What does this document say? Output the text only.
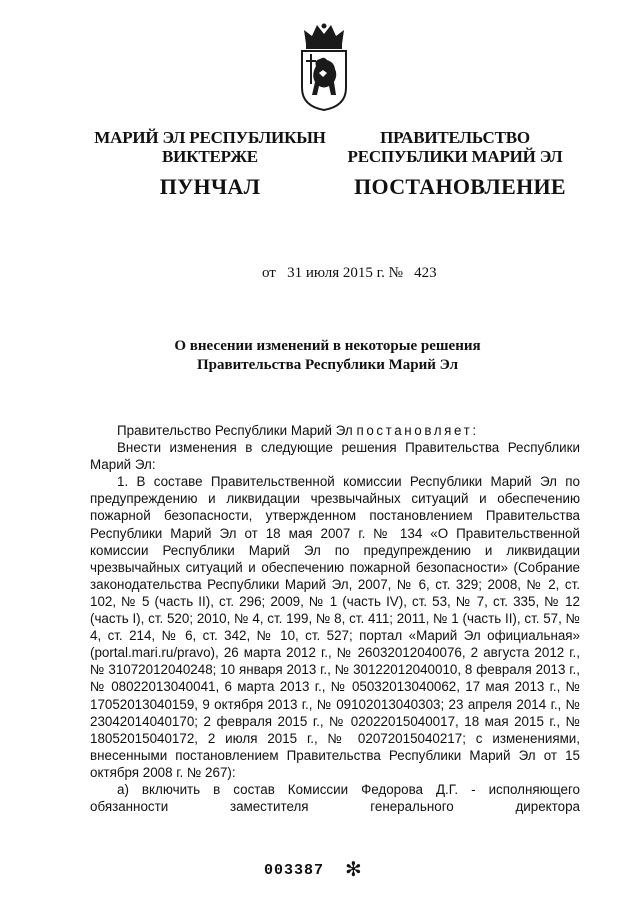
МАРИЙ ЭЛ РЕСПУБЛИКЫН
ВИКТЕРЖЕ
ПРАВИТЕЛЬСТВО
РЕСПУБЛИКИ МАРИЙ ЭЛ
ПУНЧАЛ	ПОСТАНОВЛЕНИЕ
от 31 июля 2015 г. № 423
О внесении изменений в некоторые решения
Правительства Республики Марий Эл

Правительство Республики Марий Эл постановляет:

Внести изменения в следующие решения Правительства Республики Марий Эл:

1. В составе Правительственной комиссии Республики Марий Эл по предупреждению и ликвидации чрезвычайных ситуаций и обеспечению пожарной безопасности, утвержденном постановлением Правительства Республики Марий Эл от 18 мая 2007 г. № 134 «О Правительственной комиссии Республики Марий Эл по предупреждению и ликвидации чрезвычайных ситуаций и обеспечению пожарной безопасности» (Собрание законодательства Республики Марий Эл, 2007, № 6, ст. 329; 2008, № 2, ст. 102, № 5 (часть II), ст. 296; 2009, № 1 (часть IV), ст. 53, № 7, ст. 335, № 12 (часть I), ст. 520; 2010, № 4, ст. 199, № 8, ст. 411; 2011, № 1 (часть II), ст. 57, № 4, ст. 214, № 6, ст. 342, № 10, ст. 527; портал «Марий Эл официальная» (portal.mari.ru/pravo), 26 марта 2012 г., № 26032012040076, 2 августа 2012 г., № 31072012040248; 10 января 2013 г., № 30122012040010, 8 февраля 2013 г., № 08022013040041, 6 марта 2013 г., № 05032013040062, 17 мая 2013 г., № 17052013040159, 9 октября 2013 г., № 09102013040303; 23 апреля 2014 г., № 23042014040170; 2 февраля 2015 г., № 02022015040017, 18 мая 2015 г., № 18052015040172, 2 июля 2015 г., № 02072015040217; с изменениями, внесенными постановлением Правительства Республики Марий Эл от 15 октября 2008 г. № 267):

а) включить в состав Комиссии Федорова Д.Г. - исполняющего обязанности заместителя генерального директора

003387 ✻
